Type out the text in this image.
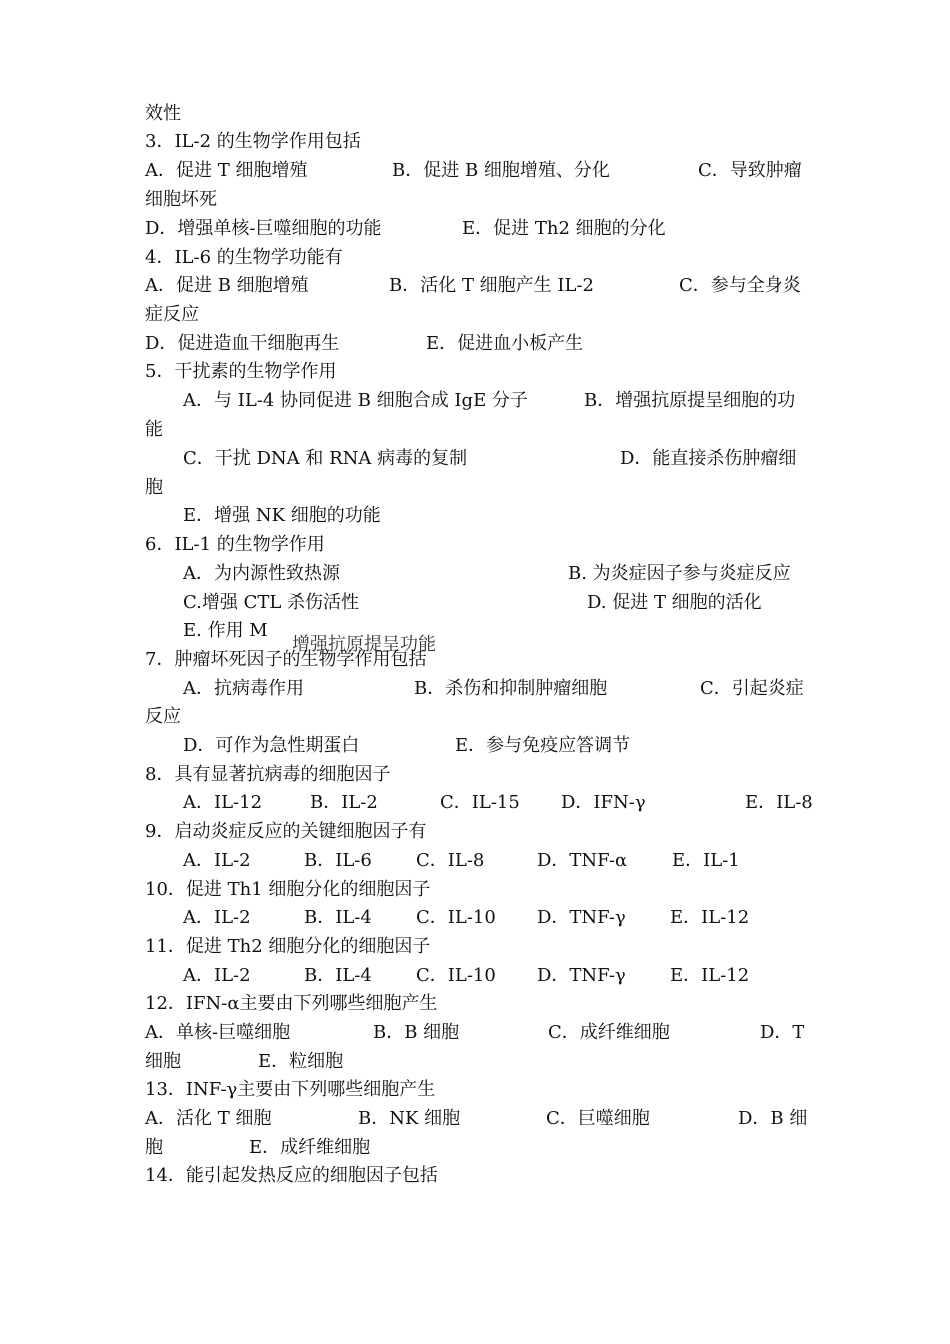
效性
3．IL-2 的生物学作用包括
A．促进 T 细胞增殖	B．促进 B 细胞增殖、分化	C．导致肿瘤
细胞坏死
D．增强单核-巨噬细胞的功能	E．促进 Th2 细胞的分化
4．IL-6 的生物学功能有
A．促进 B 细胞增殖	B．活化 T 细胞产生 IL-2	C．参与全身炎
症反应
D．促进造血干细胞再生	E．促进血小板产生
5．干扰素的生物学作用
A．与 IL-4 协同促进 B 细胞合成 IgE 分子	B．增强抗原提呈细胞的功
能
C．干扰 DNA 和 RNA 病毒的复制	D．能直接杀伤肿瘤细
胞
E．增强 NK 细胞的功能
6．IL-1 的生物学作用
A．为内源性致热源	B. 为炎症因子参与炎症反应
C.增强 CTL 杀伤活性	D. 促进 T 细胞的活化
E. 作用 M
增强抗原提呈功能
7．肿瘤坏死因子的生物学作用包括
A．抗病毒作用	B．杀伤和抑制肿瘤细胞	C．引起炎症
反应
D．可作为急性期蛋白	E．参与免疫应答调节
8．具有显著抗病毒的细胞因子
A．IL-12	B．IL-2	C．IL-15 D．IFN-γ	E．IL-8
9．启动炎症反应的关键细胞因子有
A．IL-2	B．IL-6 C．IL-8	D．TNF-α E．IL-1
10．促进 Th1 细胞分化的细胞因子
A．IL-2	B．IL-4 C．IL-10 D．TNF-γ E．IL-12
11．促进 Th2 细胞分化的细胞因子
A．IL-2	B．IL-4 C．IL-10 D．TNF-γ E．IL-12
12．IFN-α主要由下列哪些细胞产生
A．单核-巨噬细胞	B．B 细胞	C．成纤维细胞	D．T
细胞	E．粒细胞
13．INF-γ主要由下列哪些细胞产生
A．活化 T 细胞	B．NK 细胞	C．巨噬细胞	D．B 细
胞	E．成纤维细胞
14．能引起发热反应的细胞因子包括
